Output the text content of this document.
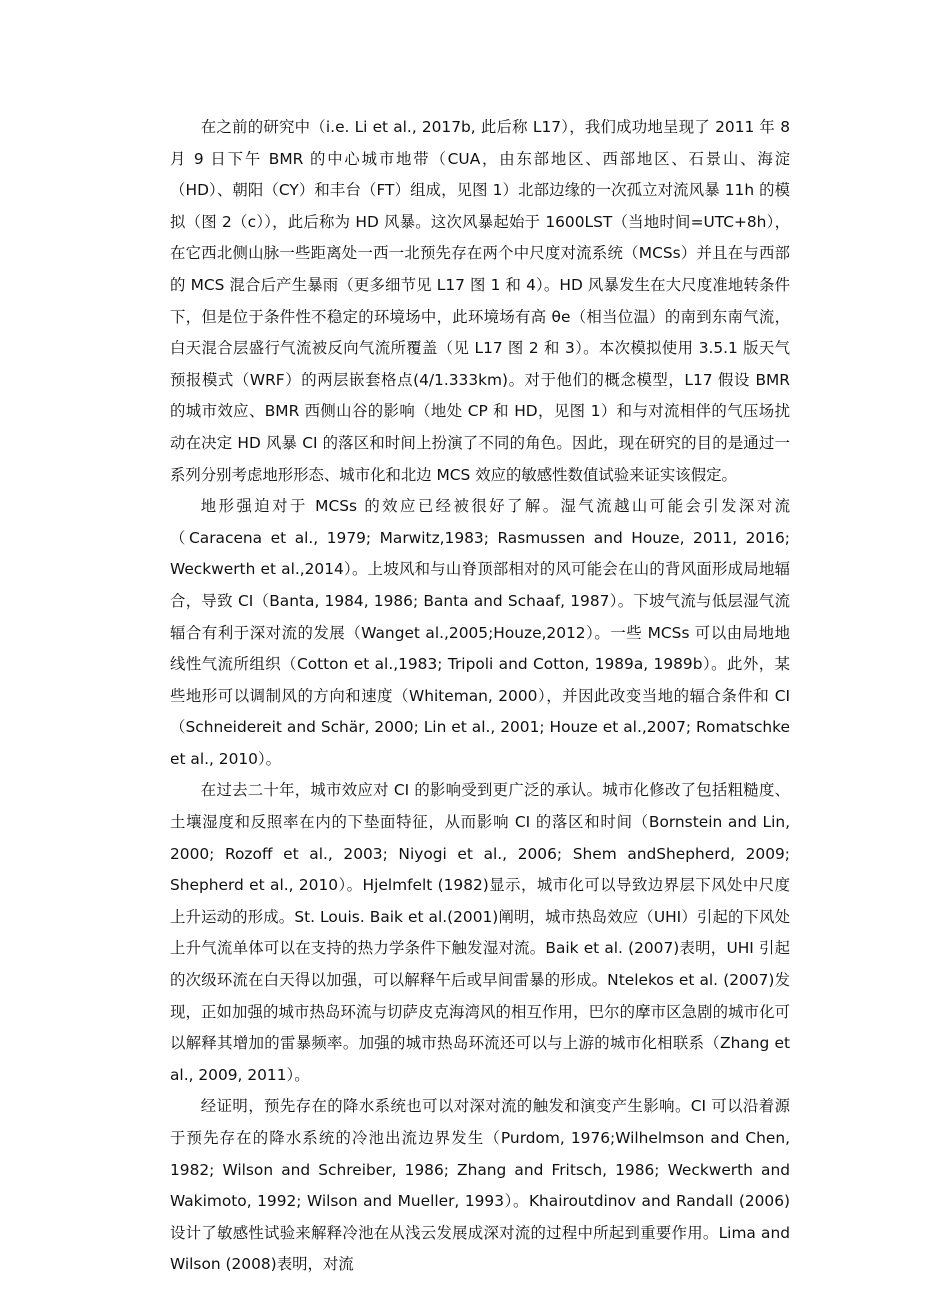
在之前的研究中（i.e. Li et al., 2017b, 此后称 L17），我们成功地呈现了 2011 年 8 月 9 日下午 BMR 的中心城市地带（CUA，由东部地区、西部地区、石景山、海淀（HD）、朝阳（CY）和丰台（FT）组成，见图 1）北部边缘的一次孤立对流风暴 11h 的模拟（图 2（c）），此后称为 HD 风暴。这次风暴起始于 1600LST（当地时间=UTC+8h），在它西北侧山脉一些距离处一西一北预先存在两个中尺度对流系统（MCSs）并且在与西部的 MCS 混合后产生暴雨（更多细节见 L17 图 1 和 4）。HD 风暴发生在大尺度准地转条件下，但是位于条件性不稳定的环境场中，此环境场有高 θe（相当位温）的南到东南气流，白天混合层盛行气流被反向气流所覆盖（见 L17 图 2 和 3）。本次模拟使用 3.5.1 版天气预报模式（WRF）的两层嵌套格点(4/1.333km)。对于他们的概念模型，L17 假设 BMR 的城市效应、BMR 西侧山谷的影响（地处 CP 和 HD，见图 1）和与对流相伴的气压场扰动在决定 HD 风暴 CI 的落区和时间上扮演了不同的角色。因此，现在研究的目的是通过一系列分别考虑地形形态、城市化和北边 MCS 效应的敏感性数值试验来证实该假定。

地形强迫对于 MCSs 的效应已经被很好了解。湿气流越山可能会引发深对流（Caracena et al., 1979; Marwitz,1983; Rasmussen and Houze, 2011, 2016; Weckwerth et al.,2014）。上坡风和与山脊顶部相对的风可能会在山的背风面形成局地辐合，导致 CI（Banta, 1984, 1986; Banta and Schaaf, 1987）。下坡气流与低层湿气流辐合有利于深对流的发展（Wanget al.,2005;Houze,2012）。一些 MCSs 可以由局地地线性气流所组织（Cotton et al.,1983; Tripoli and Cotton, 1989a, 1989b）。此外，某些地形可以调制风的方向和速度（Whiteman, 2000），并因此改变当地的辐合条件和 CI（Schneidereit and Schär, 2000; Lin et al., 2001; Houze et al.,2007; Romatschke et al., 2010）。

在过去二十年，城市效应对 CI 的影响受到更广泛的承认。城市化修改了包括粗糙度、土壤湿度和反照率在内的下垫面特征，从而影响 CI 的落区和时间（Bornstein and Lin, 2000; Rozoff et al., 2003; Niyogi et al., 2006; Shem andShepherd, 2009; Shepherd et al., 2010）。Hjelmfelt (1982)显示，城市化可以导致边界层下风处中尺度上升运动的形成。St. Louis. Baik et al.(2001)阐明，城市热岛效应（UHI）引起的下风处上升气流单体可以在支持的热力学条件下触发湿对流。Baik et al. (2007)表明，UHI 引起的次级环流在白天得以加强，可以解释午后或早间雷暴的形成。Ntelekos et al. (2007)发现，正如加强的城市热岛环流与切萨皮克海湾风的相互作用，巴尔的摩市区急剧的城市化可以解释其增加的雷暴频率。加强的城市热岛环流还可以与上游的城市化相联系（Zhang et al., 2009, 2011）。

经证明，预先存在的降水系统也可以对深对流的触发和演变产生影响。CI 可以沿着源于预先存在的降水系统的冷池出流边界发生（Purdom, 1976;Wilhelmson and Chen, 1982; Wilson and Schreiber, 1986; Zhang and Fritsch, 1986; Weckwerth and Wakimoto, 1992; Wilson and Mueller, 1993）。Khairoutdinov and Randall (2006)设计了敏感性试验来解释冷池在从浅云发展成深对流的过程中所起到重要作用。Lima and Wilson (2008)表明，对流
